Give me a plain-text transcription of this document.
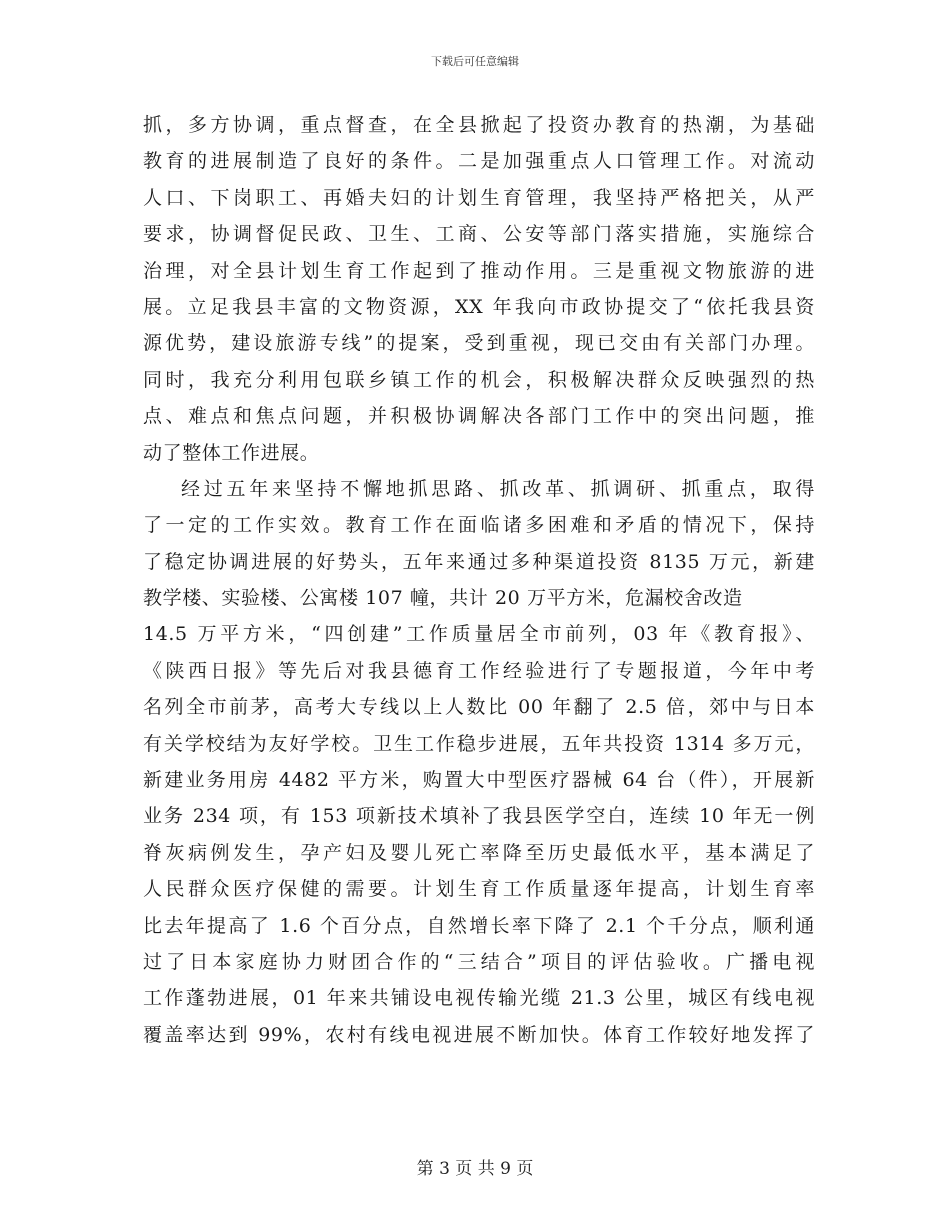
下载后可任意编辑
抓，多方协调，重点督查，在全县掀起了投资办教育的热潮，为基础
教育的进展制造了良好的条件。二是加强重点人口管理工作。对流动
人口、下岗职工、再婚夫妇的计划生育管理，我坚持严格把关，从严
要求，协调督促民政、卫生、工商、公安等部门落实措施，实施综合
治理，对全县计划生育工作起到了推动作用。三是重视文物旅游的进
展。立足我县丰富的文物资源，XX 年我向市政协提交了“依托我县资
源优势，建设旅游专线”的提案，受到重视，现已交由有关部门办理。
同时，我充分利用包联乡镇工作的机会，积极解决群众反映强烈的热
点、难点和焦点问题，并积极协调解决各部门工作中的突出问题，推
动了整体工作进展。
经过五年来坚持不懈地抓思路、抓改革、抓调研、抓重点，取得
了一定的工作实效。教育工作在面临诸多困难和矛盾的情况下，保持
了稳定协调进展的好势头，五年来通过多种渠道投资 8135 万元，新建
教学楼、实验楼、公寓楼 107 幢，共计 20 万平方米，危漏校舍改造
14.5 万平方米，“四创建”工作质量居全市前列，03 年《教育报》、
《陕西日报》等先后对我县德育工作经验进行了专题报道，今年中考
名列全市前茅，高考大专线以上人数比 00 年翻了 2.5 倍，郊中与日本
有关学校结为友好学校。卫生工作稳步进展，五年共投资 1314 多万元，
新建业务用房 4482 平方米，购置大中型医疗器械 64 台（件），开展新
业务 234 项，有 153 项新技术填补了我县医学空白，连续 10 年无一例
脊灰病例发生，孕产妇及婴儿死亡率降至历史最低水平，基本满足了
人民群众医疗保健的需要。计划生育工作质量逐年提高，计划生育率
比去年提高了 1.6 个百分点，自然增长率下降了 2.1 个千分点，顺利通
过了日本家庭协力财团合作的“三结合”项目的评估验收。广播电视
工作蓬勃进展，01 年来共铺设电视传输光缆 21.3 公里，城区有线电视
覆盖率达到 99%，农村有线电视进展不断加快。体育工作较好地发挥了
第 3 页 共 9 页
